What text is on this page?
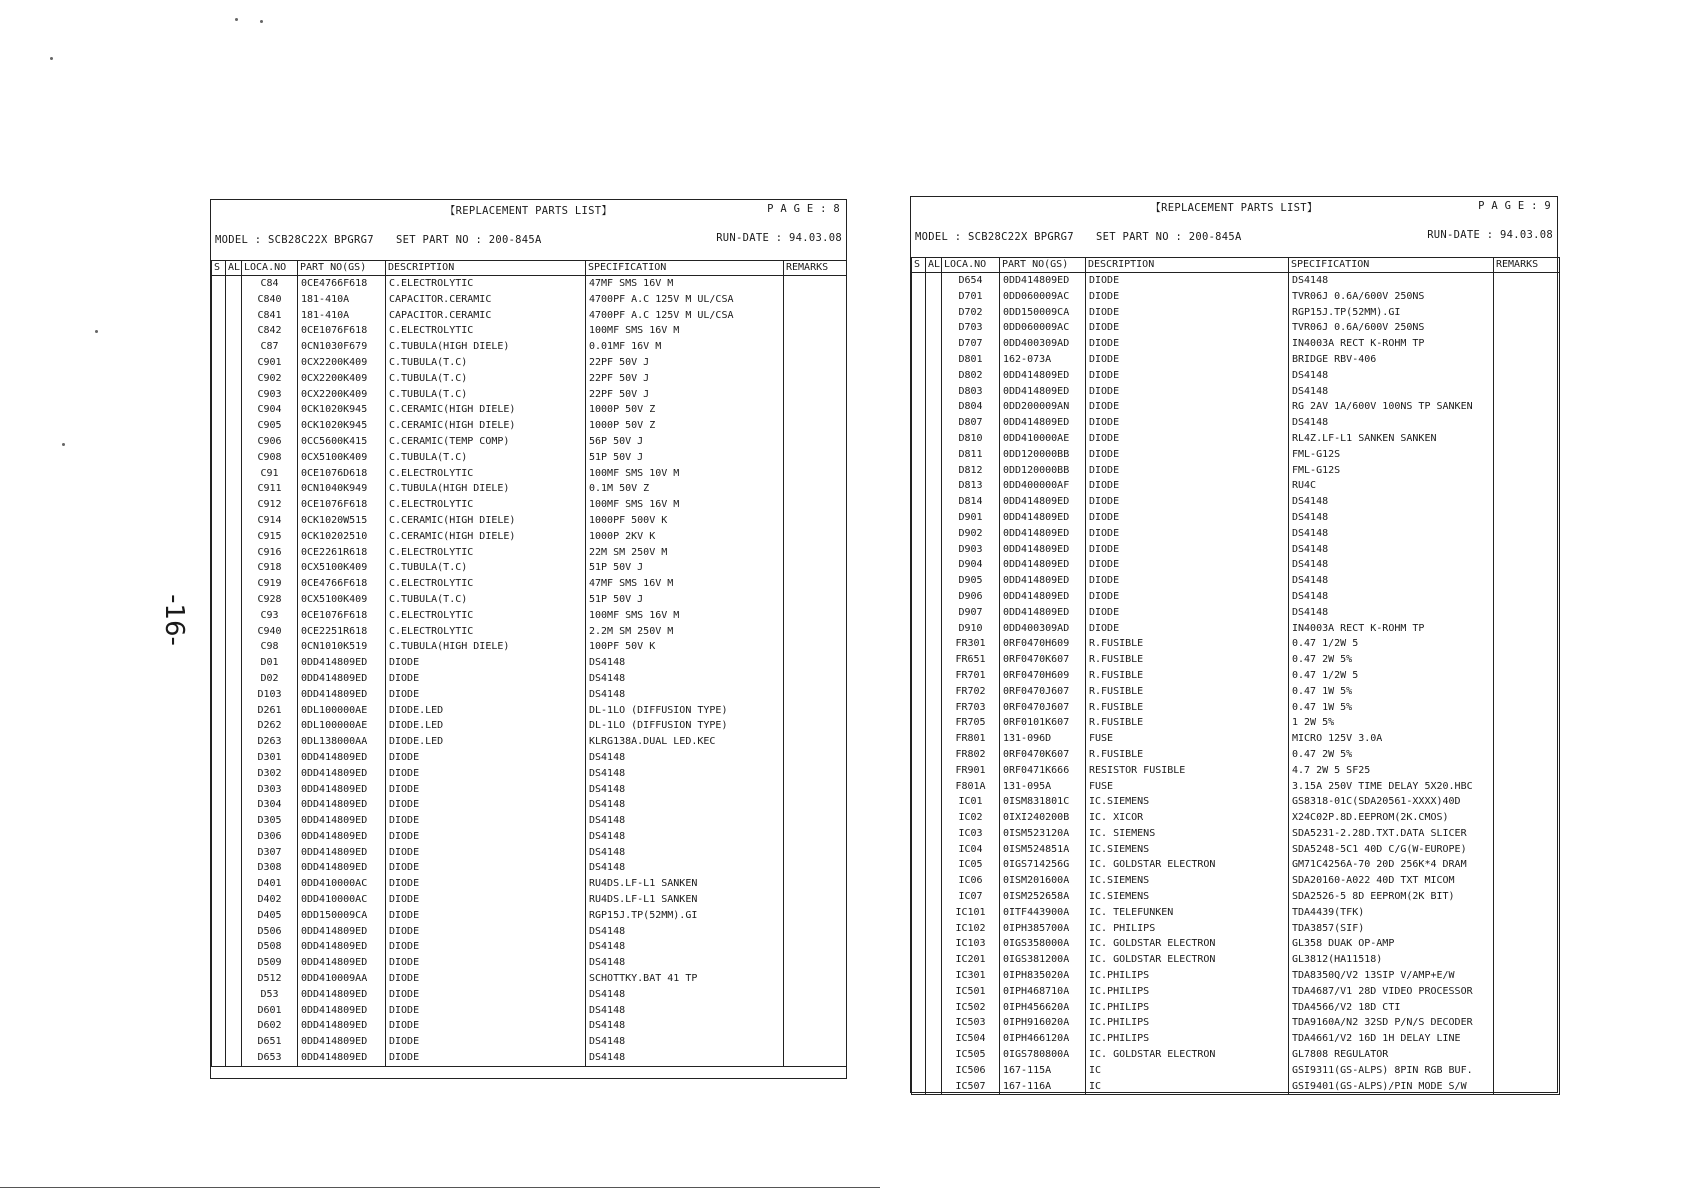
-16-
【REPLACEMENT PARTS LIST】	P A G E : 8
MODEL : SCB28C22X BPGRG7 SET PART NO : 200-845A	RUN-DATE : 94.03.08
S	AL	LOCA.NO	PART NO(GS)	DESCRIPTION	SPECIFICATION	REMARKS
		C84	0CE4766F618	C.ELECTROLYTIC	47MF SMS 16V M	
		C840	181-410A	CAPACITOR.CERAMIC	4700PF A.C 125V M UL/CSA	
		C841	181-410A	CAPACITOR.CERAMIC	4700PF A.C 125V M UL/CSA	
		C842	0CE1076F618	C.ELECTROLYTIC	100MF SMS 16V M	
		C87	0CN1030F679	C.TUBULA(HIGH DIELE)	0.01MF 16V M	
		C901	0CX2200K409	C.TUBULA(T.C)	22PF 50V J	
		C902	0CX2200K409	C.TUBULA(T.C)	22PF 50V J	
		C903	0CX2200K409	C.TUBULA(T.C)	22PF 50V J	
		C904	0CK1020K945	C.CERAMIC(HIGH DIELE)	1000P 50V Z	
		C905	0CK1020K945	C.CERAMIC(HIGH DIELE)	1000P 50V Z	
		C906	0CC5600K415	C.CERAMIC(TEMP COMP)	56P 50V J	
		C908	0CX5100K409	C.TUBULA(T.C)	51P 50V J	
		C91	0CE1076D618	C.ELECTROLYTIC	100MF SMS 10V M	
		C911	0CN1040K949	C.TUBULA(HIGH DIELE)	0.1M 50V Z	
		C912	0CE1076F618	C.ELECTROLYTIC	100MF SMS 16V M	
		C914	0CK1020W515	C.CERAMIC(HIGH DIELE)	1000PF 500V K	
		C915	0CK10202510	C.CERAMIC(HIGH DIELE)	1000P 2KV K	
		C916	0CE2261R618	C.ELECTROLYTIC	22M SM 250V M	
		C918	0CX5100K409	C.TUBULA(T.C)	51P 50V J	
		C919	0CE4766F618	C.ELECTROLYTIC	47MF SMS 16V M	
		C928	0CX5100K409	C.TUBULA(T.C)	51P 50V J	
		C93	0CE1076F618	C.ELECTROLYTIC	100MF SMS 16V M	
		C940	0CE2251R618	C.ELECTROLYTIC	2.2M SM 250V M	
		C98	0CN1010K519	C.TUBULA(HIGH DIELE)	100PF 50V K	
		D01	0DD414809ED	DIODE	DS4148	
		D02	0DD414809ED	DIODE	DS4148	
		D103	0DD414809ED	DIODE	DS4148	
		D261	0DL100000AE	DIODE.LED	DL-1LO (DIFFUSION TYPE)	
		D262	0DL100000AE	DIODE.LED	DL-1LO (DIFFUSION TYPE)	
		D263	0DL138000AA	DIODE.LED	KLRG138A.DUAL LED.KEC	
		D301	0DD414809ED	DIODE	DS4148	
		D302	0DD414809ED	DIODE	DS4148	
		D303	0DD414809ED	DIODE	DS4148	
		D304	0DD414809ED	DIODE	DS4148	
		D305	0DD414809ED	DIODE	DS4148	
		D306	0DD414809ED	DIODE	DS4148	
		D307	0DD414809ED	DIODE	DS4148	
		D308	0DD414809ED	DIODE	DS4148	
		D401	0DD410000AC	DIODE	RU4DS.LF-L1 SANKEN	
		D402	0DD410000AC	DIODE	RU4DS.LF-L1 SANKEN	
		D405	0DD150009CA	DIODE	RGP15J.TP(52MM).GI	
		D506	0DD414809ED	DIODE	DS4148	
		D508	0DD414809ED	DIODE	DS4148	
		D509	0DD414809ED	DIODE	DS4148	
		D512	0DD410009AA	DIODE	SCHOTTKY.BAT 41 TP	
		D53	0DD414809ED	DIODE	DS4148	
		D601	0DD414809ED	DIODE	DS4148	
		D602	0DD414809ED	DIODE	DS4148	
		D651	0DD414809ED	DIODE	DS4148	
		D653	0DD414809ED	DIODE	DS4148	
【REPLACEMENT PARTS LIST】	P A G E : 9
MODEL : SCB28C22X BPGRG7 SET PART NO : 200-845A	RUN-DATE : 94.03.08
S	AL	LOCA.NO	PART NO(GS)	DESCRIPTION	SPECIFICATION	REMARKS
		D654	0DD414809ED	DIODE	DS4148	
		D701	0DD060009AC	DIODE	TVR06J 0.6A/600V 250NS	
		D702	0DD150009CA	DIODE	RGP15J.TP(52MM).GI	
		D703	0DD060009AC	DIODE	TVR06J 0.6A/600V 250NS	
		D707	0DD400309AD	DIODE	IN4003A RECT K-ROHM TP	
		D801	162-073A	DIODE	BRIDGE RBV-406	
		D802	0DD414809ED	DIODE	DS4148	
		D803	0DD414809ED	DIODE	DS4148	
		D804	0DD200009AN	DIODE	RG 2AV 1A/600V 100NS TP SANKEN	
		D807	0DD414809ED	DIODE	DS4148	
		D810	0DD410000AE	DIODE	RL4Z.LF-L1 SANKEN SANKEN	
		D811	0DD120000BB	DIODE	FML-G12S	
		D812	0DD120000BB	DIODE	FML-G12S	
		D813	0DD400000AF	DIODE	RU4C	
		D814	0DD414809ED	DIODE	DS4148	
		D901	0DD414809ED	DIODE	DS4148	
		D902	0DD414809ED	DIODE	DS4148	
		D903	0DD414809ED	DIODE	DS4148	
		D904	0DD414809ED	DIODE	DS4148	
		D905	0DD414809ED	DIODE	DS4148	
		D906	0DD414809ED	DIODE	DS4148	
		D907	0DD414809ED	DIODE	DS4148	
		D910	0DD400309AD	DIODE	IN4003A RECT K-ROHM TP	
		FR301	0RF0470H609	R.FUSIBLE	0.47 1/2W 5	
		FR651	0RF0470K607	R.FUSIBLE	0.47 2W 5%	
		FR701	0RF0470H609	R.FUSIBLE	0.47 1/2W 5	
		FR702	0RF0470J607	R.FUSIBLE	0.47 1W 5%	
		FR703	0RF0470J607	R.FUSIBLE	0.47 1W 5%	
		FR705	0RF0101K607	R.FUSIBLE	1 2W 5%	
		FR801	131-096D	FUSE	MICRO 125V 3.0A	
		FR802	0RF0470K607	R.FUSIBLE	0.47 2W 5%	
		FR901	0RF0471K666	RESISTOR FUSIBLE	4.7 2W 5 SF25	
		F801A	131-095A	FUSE	3.15A 250V TIME DELAY 5X20.HBC	
		IC01	0ISM831801C	IC.SIEMENS	GS8318-01C(SDA20561-XXXX)40D	
		IC02	0IXI240200B	IC. XICOR	X24C02P.8D.EEPROM(2K.CMOS)	
		IC03	0ISM523120A	IC. SIEMENS	SDA5231-2.28D.TXT.DATA SLICER	
		IC04	0ISM524851A	IC.SIEMENS	SDA5248-5C1 40D C/G(W-EUROPE)	
		IC05	0IGS714256G	IC. GOLDSTAR ELECTRON	GM71C4256A-70 20D 256K*4 DRAM	
		IC06	0ISM201600A	IC.SIEMENS	SDA20160-A022 40D TXT MICOM	
		IC07	0ISM252658A	IC.SIEMENS	SDA2526-5 8D EEPROM(2K BIT)	
		IC101	0ITF443900A	IC. TELEFUNKEN	TDA4439(TFK)	
		IC102	0IPH385700A	IC. PHILIPS	TDA3857(SIF)	
		IC103	0IGS358000A	IC. GOLDSTAR ELECTRON	GL358 DUAK OP-AMP	
		IC201	0IGS381200A	IC. GOLDSTAR ELECTRON	GL3812(HA11518)	
		IC301	0IPH835020A	IC.PHILIPS	TDA8350Q/V2 13SIP V/AMP+E/W	
		IC501	0IPH468710A	IC.PHILIPS	TDA4687/V1 28D VIDEO PROCESSOR	
		IC502	0IPH456620A	IC.PHILIPS	TDA4566/V2 18D CTI	
		IC503	0IPH916020A	IC.PHILIPS	TDA9160A/N2 32SD P/N/S DECODER	
		IC504	0IPH466120A	IC.PHILIPS	TDA4661/V2 16D 1H DELAY LINE	
		IC505	0IGS780800A	IC. GOLDSTAR ELECTRON	GL7808 REGULATOR	
		IC506	167-115A	IC	GSI9311(GS-ALPS) 8PIN RGB BUF.	
		IC507	167-116A	IC	GSI9401(GS-ALPS)/PIN MODE S/W	
